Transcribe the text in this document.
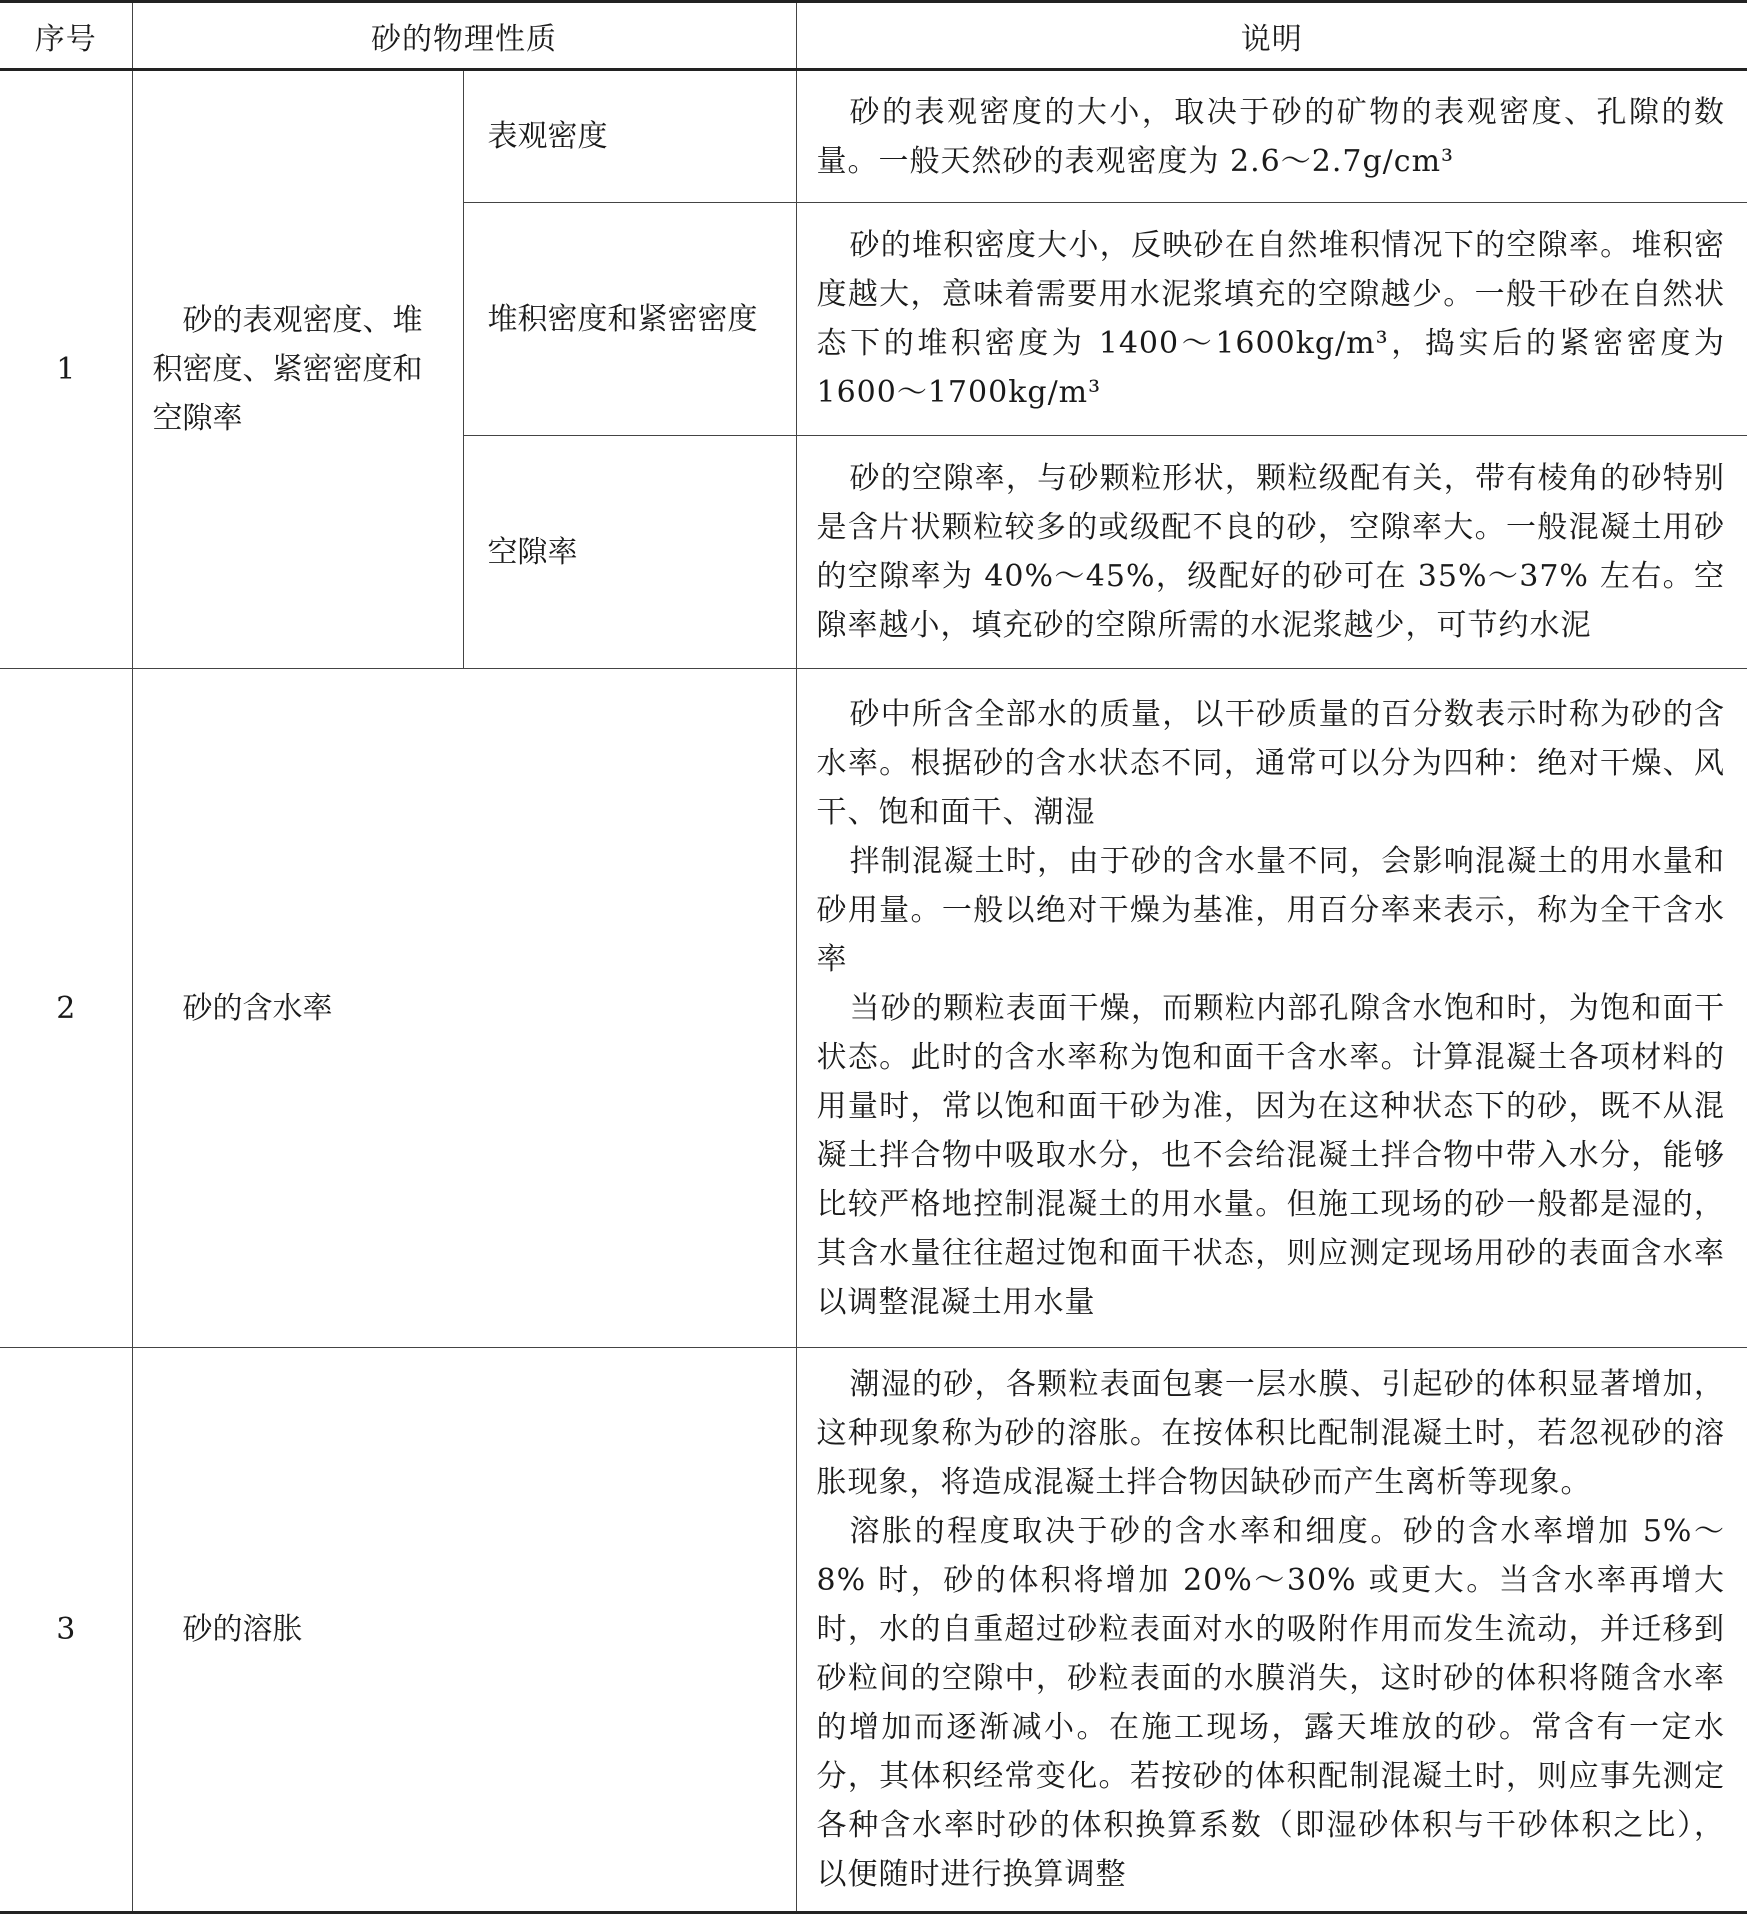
序号	砂的物理性质		说明
1	砂的表观密度、堆积密度、紧密密度和空隙率	表观密度	砂的表观密度的大小，取决于砂的矿物的表观密度、孔隙的数量。一般天然砂的表观密度为 2.6～2.7g/cm³

		堆积密度和紧密密度	砂的堆积密度大小，反映砂在自然堆积情况下的空隙率。堆积密度越大，意味着需要用水泥浆填充的空隙越少。一般干砂在自然状态下的堆积密度为 1400～1600kg/m³，捣实后的紧密密度为 1600～1700kg/m³

		空隙率	砂的空隙率，与砂颗粒形状，颗粒级配有关，带有棱角的砂特别是含片状颗粒较多的或级配不良的砂，空隙率大。一般混凝土用砂的空隙率为 40%～45%，级配好的砂可在 35%～37% 左右。空隙率越小，填充砂的空隙所需的水泥浆越少，可节约水泥

2	砂的含水率		砂中所含全部水的质量，以干砂质量的百分数表示时称为砂的含水率。根据砂的含水状态不同，通常可以分为四种：绝对干燥、风干、饱和面干、潮湿

拌制混凝土时，由于砂的含水量不同，会影响混凝土的用水量和砂用量。一般以绝对干燥为基准，用百分率来表示，称为全干含水率

当砂的颗粒表面干燥，而颗粒内部孔隙含水饱和时，为饱和面干状态。此时的含水率称为饱和面干含水率。计算混凝土各项材料的用量时，常以饱和面干砂为准，因为在这种状态下的砂，既不从混凝土拌合物中吸取水分，也不会给混凝土拌合物中带入水分，能够比较严格地控制混凝土的用水量。但施工现场的砂一般都是湿的，其含水量往往超过饱和面干状态，则应测定现场用砂的表面含水率以调整混凝土用水量

3	砂的溶胀		潮湿的砂，各颗粒表面包裹一层水膜、引起砂的体积显著增加，这种现象称为砂的溶胀。在按体积比配制混凝土时，若忽视砂的溶胀现象，将造成混凝土拌合物因缺砂而产生离析等现象。

溶胀的程度取决于砂的含水率和细度。砂的含水率增加 5%～8% 时，砂的体积将增加 20%～30% 或更大。当含水率再增大时，水的自重超过砂粒表面对水的吸附作用而发生流动，并迁移到砂粒间的空隙中，砂粒表面的水膜消失，这时砂的体积将随含水率的增加而逐渐减小。在施工现场，露天堆放的砂。常含有一定水分，其体积经常变化。若按砂的体积配制混凝土时，则应事先测定各种含水率时砂的体积换算系数（即湿砂体积与干砂体积之比），以便随时进行换算调整
